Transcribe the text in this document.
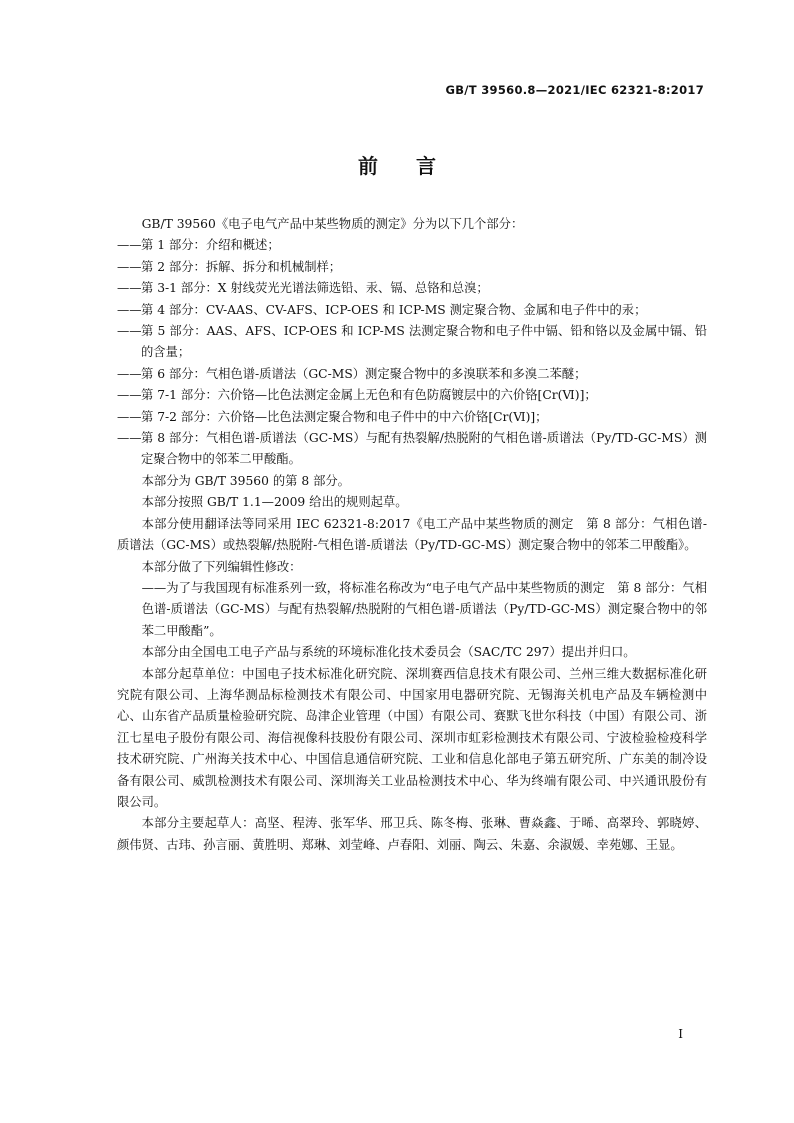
GB/T 39560.8—2021/IEC 62321-8:2017
前言

GB/T 39560《电子电气产品中某些物质的测定》分为以下几个部分：

—— 第 1 部分：介绍和概述；
—— 第 2 部分：拆解、拆分和机械制样；
—— 第 3-1 部分：X 射线荧光光谱法筛选铅、汞、镉、总铬和总溴；
—— 第 4 部分：CV-AAS、CV-AFS、ICP-OES 和 ICP-MS 测定聚合物、金属和电子件中的汞；
—— 第 5 部分：AAS、AFS、ICP-OES 和 ICP-MS 法测定聚合物和电子件中镉、铅和铬以及金属中镉、铅的含量；
—— 第 6 部分：气相色谱-质谱法（GC-MS）测定聚合物中的多溴联苯和多溴二苯醚；
—— 第 7-1 部分：六价铬—比色法测定金属上无色和有色防腐镀层中的六价铬[Cr(Ⅵ)]；
—— 第 7-2 部分：六价铬—比色法测定聚合物和电子件中的中六价铬[Cr(Ⅵ)]；
—— 第 8 部分：气相色谱-质谱法（GC-MS）与配有热裂解/热脱附的气相色谱-质谱法（Py/TD-GC-MS）测定聚合物中的邻苯二甲酸酯。

本部分为 GB/T 39560 的第 8 部分。

本部分按照 GB/T 1.1—2009 给出的规则起草。

本部分使用翻译法等同采用 IEC 62321-8:2017《电工产品中某些物质的测定　第 8 部分：气相色谱-质谱法（GC-MS）或热裂解/热脱附-气相色谱-质谱法（Py/TD-GC-MS）测定聚合物中的邻苯二甲酸酯》。

本部分做了下列编辑性修改：

——为了与我国现有标准系列一致，将标准名称改为“电子电气产品中某些物质的测定　第 8 部分：气相色谱-质谱法（GC-MS）与配有热裂解/热脱附的气相色谱-质谱法（Py/TD-GC-MS）测定聚合物中的邻苯二甲酸酯”。

本部分由全国电工电子产品与系统的环境标准化技术委员会（SAC/TC 297）提出并归口。

本部分起草单位：中国电子技术标准化研究院、深圳赛西信息技术有限公司、兰州三维大数据标准化研究院有限公司、上海华测品标检测技术有限公司、中国家用电器研究院、无锡海关机电产品及车辆检测中心、山东省产品质量检验研究院、岛津企业管理（中国）有限公司、赛默飞世尔科技（中国）有限公司、浙江七星电子股份有限公司、海信视像科技股份有限公司、深圳市虹彩检测技术有限公司、宁波检验检疫科学技术研究院、广州海关技术中心、中国信息通信研究院、工业和信息化部电子第五研究所、广东美的制冷设备有限公司、威凯检测技术有限公司、深圳海关工业品检测技术中心、华为终端有限公司、中兴通讯股份有限公司。

本部分主要起草人：高坚、程涛、张军华、邢卫兵、陈冬梅、张琳、曹焱鑫、于晞、高翠玲、郭晓婷、颜伟贤、古玮、孙言丽、黄胜明、郑琳、刘莹峰、卢春阳、刘丽、陶云、朱嘉、余淑媛、幸苑娜、王显。

I
